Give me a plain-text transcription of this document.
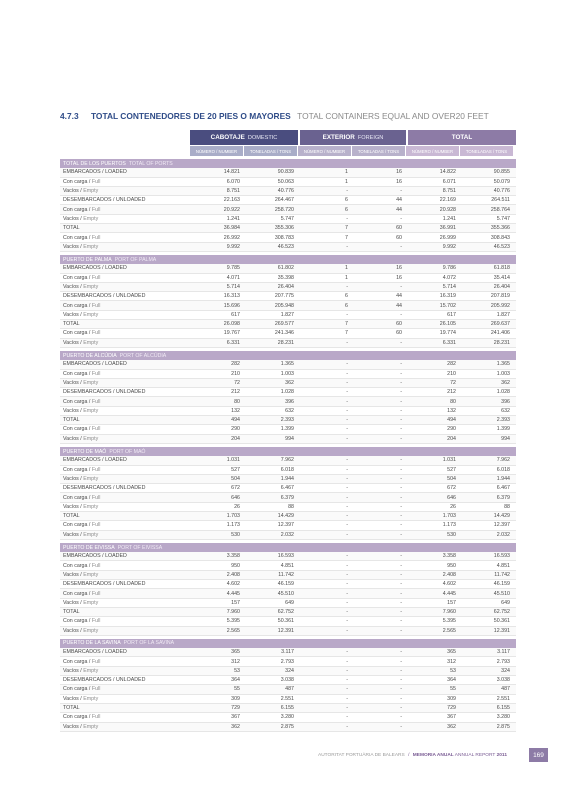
4.7.3 TOTAL CONTENEDORES DE 20 PIES O MAYORES TOTAL CONTAINERS EQUAL AND OVER20 FEET
CABOTAJE DOMESTIC	EXTERIOR FOREIGN	TOTAL
NÚMERO / NUMBER	TONELADAS / TONS	NÚMERO / NUMBER	TONELADAS / TONS	NÚMERO / NUMBER	TONELADAS / TONS
TOTAL DE LOS PUERTOS TOTAL OF PORTS
EMBARCADOS / LOADED	14.821	90.839	1	16	14.822	90.855
Con carga / Full	6.070	50.063	1	16	6.071	50.079
Vacíos / Empty	8.751	40.776	-	-	8.751	40.776
DESEMBARCADOS / UNLOADED	22.163	264.467	6	44	22.169	264.511
Con carga / Full	20.922	258.720	6	44	20.928	258.764
Vacíos / Empty	1.241	5.747	-	-	1.241	5.747
TOTAL	36.984	355.306	7	60	36.991	355.366
Con carga / Full	26.992	308.783	7	60	26.999	308.843
Vacíos / Empty	9.992	46.523	-	-	9.992	46.523
PUERTO DE PALMA PORT OF PALMA
EMBARCADOS / LOADED	9.785	61.802	1	16	9.786	61.818
Con carga / Full	4.071	35.398	1	16	4.072	35.414
Vacíos / Empty	5.714	26.404	-	-	5.714	26.404
DESEMBARCADOS / UNLOADED	16.313	207.775	6	44	16.319	207.819
Con carga / Full	15.696	205.948	6	44	15.702	205.992
Vacíos / Empty	617	1.827	-	-	617	1.827
TOTAL	26.098	269.577	7	60	26.105	269.637
Con carga / Full	19.767	241.346	7	60	19.774	241.406
Vacíos / Empty	6.331	28.231	-	-	6.331	28.231
PUERTO DE ALCÚDIA PORT OF ALCÚDIA
EMBARCADOS / LOADED	282	1.365	-	-	282	1.365
Con carga / Full	210	1.003	-	-	210	1.003
Vacíos / Empty	72	362	-	-	72	362
DESEMBARCADOS / UNLOADED	212	1.028	-	-	212	1.028
Con carga / Full	80	396	-	-	80	396
Vacíos / Empty	132	632	-	-	132	632
TOTAL	494	2.393	-	-	494	2.393
Con carga / Full	290	1.399	-	-	290	1.399
Vacíos / Empty	204	994	-	-	204	994
PUERTO DE MAÓ PORT OF MAÓ
EMBARCADOS / LOADED	1.031	7.962	-	-	1.031	7.962
Con carga / Full	527	6.018	-	-	527	6.018
Vacíos / Empty	504	1.944	-	-	504	1.944
DESEMBARCADOS / UNLOADED	672	6.467	-	-	672	6.467
Con carga / Full	646	6.379	-	-	646	6.379
Vacíos / Empty	26	88	-	-	26	88
TOTAL	1.703	14.429	-	-	1.703	14.429
Con carga / Full	1.173	12.397	-	-	1.173	12.397
Vacíos / Empty	530	2.032	-	-	530	2.032
PUERTO DE EIVISSA PORT OF EIVISSA
EMBARCADOS / LOADED	3.358	16.593	-	-	3.358	16.593
Con carga / Full	950	4.851	-	-	950	4.851
Vacíos / Empty	2.408	11.742	-	-	2.408	11.742
DESEMBARCADOS / UNLOADED	4.602	46.159	-	-	4.602	46.159
Con carga / Full	4.445	45.510	-	-	4.445	45.510
Vacíos / Empty	157	649	-	-	157	649
TOTAL	7.960	62.752	-	-	7.960	62.752
Con carga / Full	5.395	50.361	-	-	5.395	50.361
Vacíos / Empty	2.565	12.391	-	-	2.565	12.391
PUERTO DE LA SAVINA PORT OF LA SAVINA
EMBARCADOS / LOADED	365	3.117	-	-	365	3.117
Con carga / Full	312	2.793	-	-	312	2.793
Vacíos / Empty	53	324	-	-	53	324
DESEMBARCADOS / UNLOADED	364	3.038	-	-	364	3.038
Con carga / Full	55	487	-	-	55	487
Vacíos / Empty	309	2.551	-	-	309	2.551
TOTAL	729	6.155	-	-	729	6.155
Con carga / Full	367	3.280	-	-	367	3.280
Vacíos / Empty	362	2.875	-	-	362	2.875
AUTORITAT PORTUÀRIA DE BALEARS / MEMORIA ANUAL ANNUAL REPORT 2011	169
